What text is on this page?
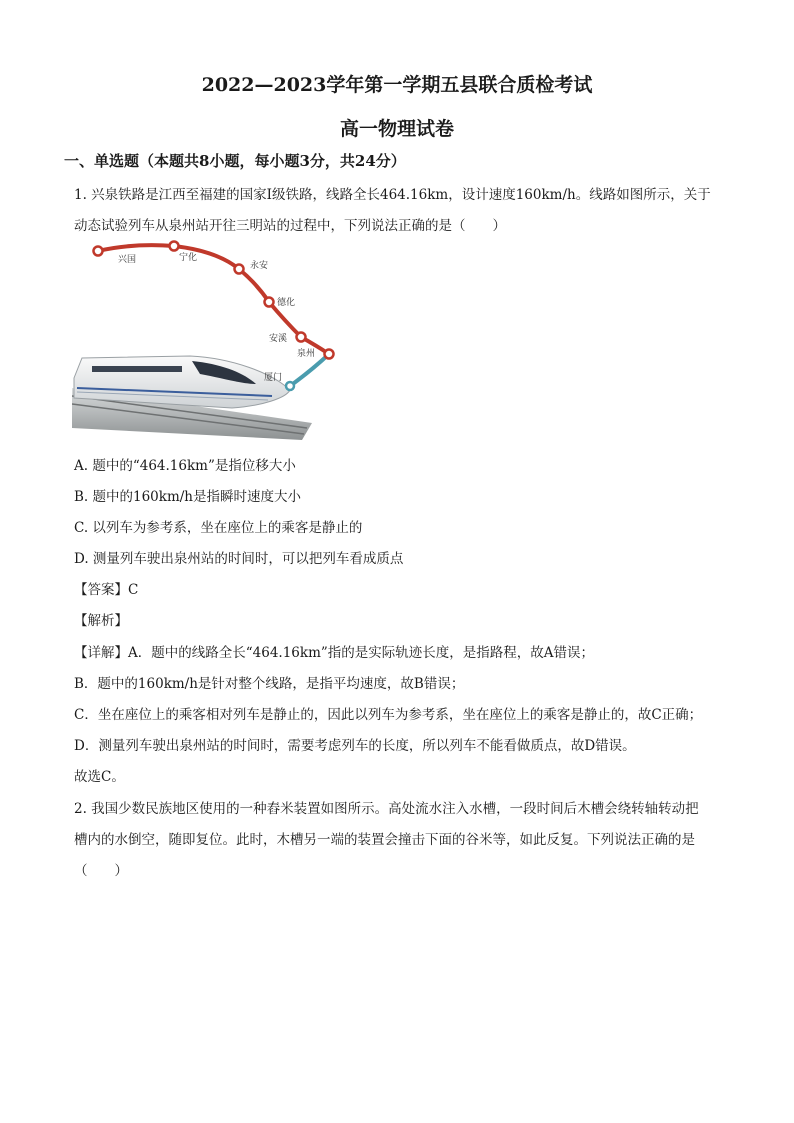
2022—2023学年第一学期五县联合质检考试
高一物理试卷
一、单选题（本题共8小题，每小题3分，共24分）
1. 兴泉铁路是江西至福建的国家Ⅰ级铁路，线路全长464.16km，设计速度160km/h。线路如图所示，关于
动态试验列车从泉州站开往三明站的过程中，下列说法正确的是（　　）
兴国	宁化
永安
德化
安溪
泉州
厦门
A. 题中的“464.16km”是指位移大小
B. 题中的160km/h是指瞬时速度大小
C. 以列车为参考系，坐在座位上的乘客是静止的
D. 测量列车驶出泉州站的时间时，可以把列车看成质点
【答案】C
【解析】
【详解】A．题中的线路全长“464.16km”指的是实际轨迹长度，是指路程，故A错误；
B．题中的160km/h是针对整个线路，是指平均速度，故B错误；
C．坐在座位上的乘客相对列车是静止的，因此以列车为参考系，坐在座位上的乘客是静止的，故C正确；
D．测量列车驶出泉州站的时间时，需要考虑列车的长度，所以列车不能看做质点，故D错误。
故选C。
2. 我国少数民族地区使用的一种舂米装置如图所示。高处流水注入水槽，一段时间后木槽会绕转轴转动把
槽内的水倒空，随即复位。此时，木槽另一端的装置会撞击下面的谷米等，如此反复。下列说法正确的是
（　　）
